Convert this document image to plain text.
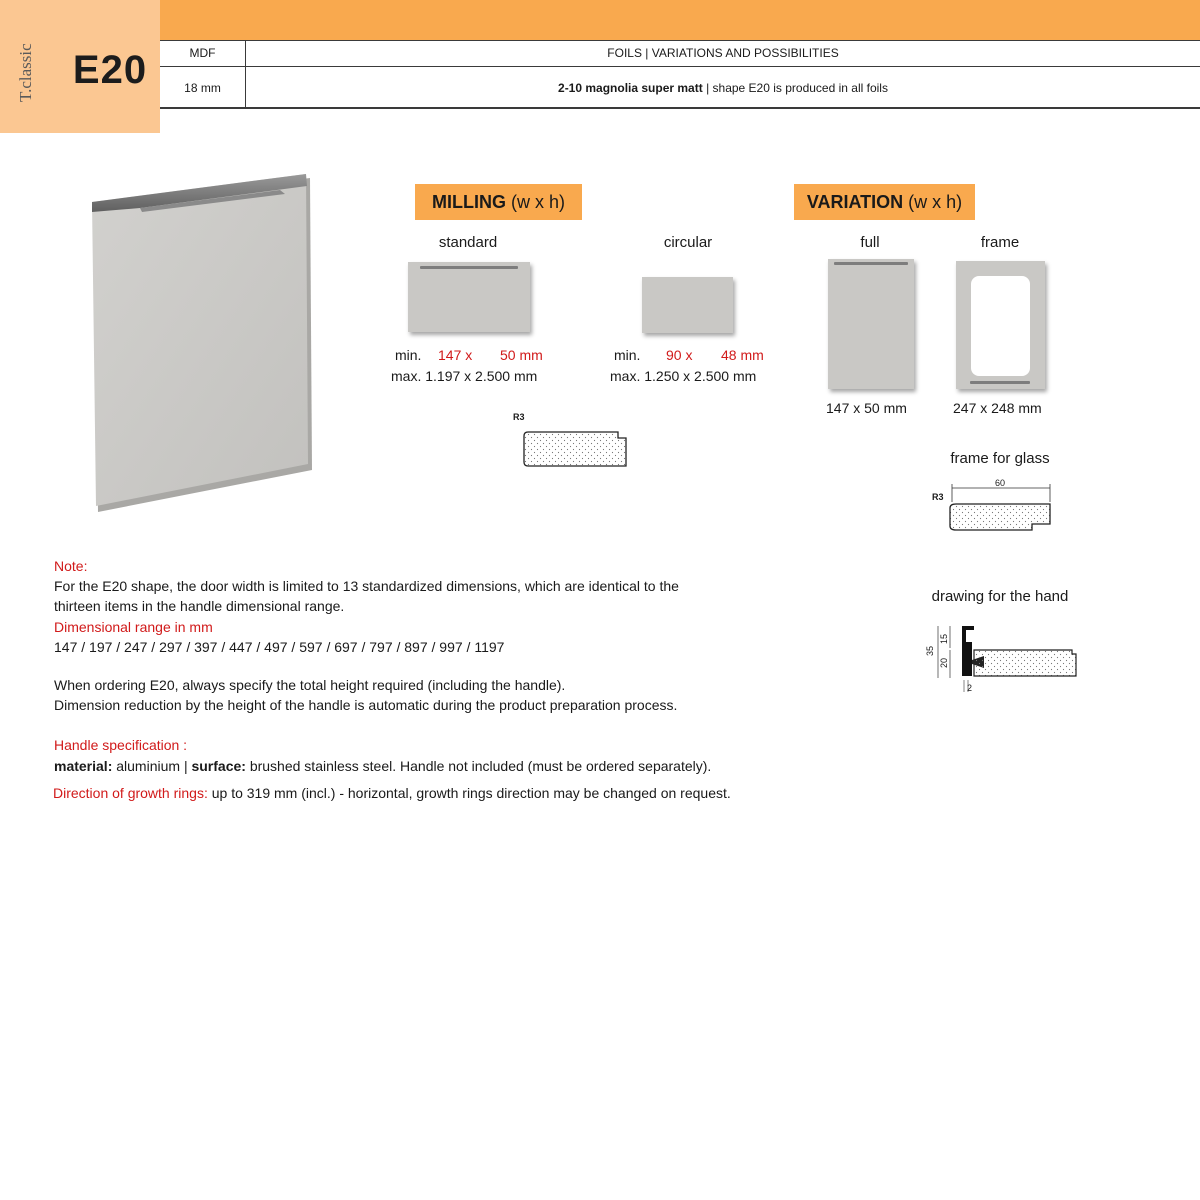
T.classic E20	MDF	FOILS | VARIATIONS AND POSSIBILITIES
18 mm	2-10 magnolia super matt | shape E20 is produced in all foils
MILLING (w x h)
standard
min. 147 x 50 mm
max. 1.197 x 2.500 mm
circular
min. 90 x 48 mm
max. 1.250 x 2.500 mm
R3
VARIATION (w x h)
full
147 x 50 mm
frame
247 x 248 mm
frame for glass
R3
60
drawing for the hand
35
15
20
2
Note:
For the E20 shape, the door width is limited to 13 standardized dimensions, which are identical to the
thirteen items in the handle dimensional range.
Dimensional range in mm
147 / 197 / 247 / 297 / 397 / 447 / 497 / 597 / 697 / 797 / 897 / 997 / 1197
When ordering E20, always specify the total height required (including the handle).
Dimension reduction by the height of the handle is automatic during the product preparation process.
Handle specification :
material: aluminium | surface: brushed stainless steel. Handle not included (must be ordered separately).
Direction of growth rings: up to 319 mm (incl.) - horizontal, growth rings direction may be changed on request.
